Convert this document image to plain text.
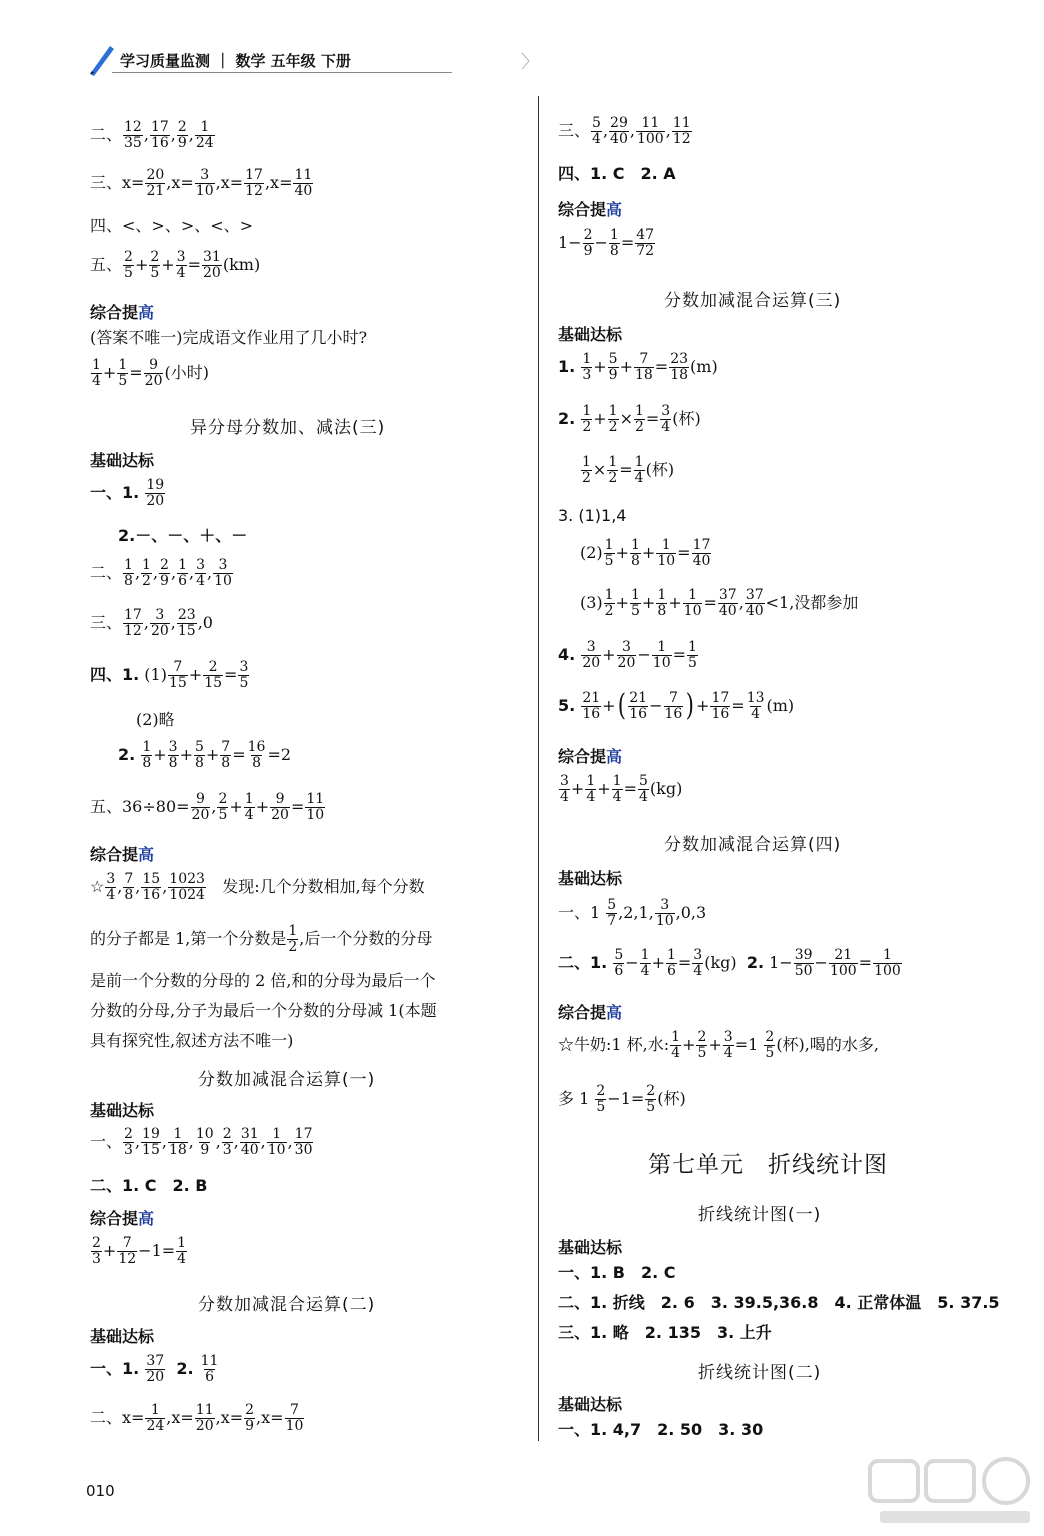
学习质量监测 ｜ 数学 五年级 下册	〉
二、 12
35 , 17
16 , 2
9 , 1
24
三、x= 20
21 ,x= 3
10 ,x= 17
12 ,x= 11
40
四、<、>、>、<、>
五、 2
5 + 2
5 + 3
4 = 31
20 (km)
综合提高
(答案不唯一)完成语文作业用了几小时?
1
4 + 1
5 = 9
20 (小时)
异分母分数加、减法(三)
基础达标
一、1.
19
20
2.－、－、＋、－
二、 1
8 , 1
2 , 2
9 , 1
6 , 3
4 , 3
10
三、 17
12 , 3
20 , 23
15 ,0
四、1. (1) 7
15 + 2
15 = 3
5
(2)略
2.
1
8 + 3
8 + 5
8 + 7
$8 = \frac{16}{8} =2$
五、$36\div 80= \frac{9}{20}$ , 2
5 + 1
4 + 9
20 = 11
10
综合提高
☆ 3
4 , 7
8 , 15
16 , 1023
1024
发现:几个分数相加,每个分数
的分子都是 1,第一个分数是 1
2 ,后一个分数的分母
是前一个分数的分母的 2 倍,和的分母为最后一个
分数的分母,分子为最后一个分数的分母减 1(本题
具有探究性,叙述方法不唯一)
分数加减混合运算(一)
基础达标
一、 2
3 , 19
15 , 1
18 , 10
9 , 2
3 , 31
40 , 1
10 , 17
30
二、1. C　2. B
综合提高
2
3 + 7
12 −1= 1
4
分数加减混合运算(二)
基础达标
一、1.
37
20
2.
11
6
二、x= 1
24 ,x= 11
20 ,x= 2
9 ,x= 7
10
010
三、 5
4 , 29
40 , 11
100 , 11
12
四、1. C　2. A
综合提高
1− 2
9 − 1
8 = 47
72
分数加减混合运算(三)
基础达标
1.
1
3 + 5
9 + 7
18 = 23
18 (m)
2.
1
2 + 1
2 × 1
2 = 3
4 (杯)
1
2 × 1
2 = 1
4 (杯)
3. (1)1,4
(2) 1
5 + 1
8 + 1
10 = 17
40
(3) 1
2 + 1
5 + 1
8 + 1
10 = 37
40 , 37
40 <1,没都参加
4.
3
20 + 3
20 − 1
10 = 1
5
5.
21
16 + ( 21
16 − 7
16 ) + 17
16 = 13
4 (m)
综合提高
3
4 + 1
4 + 1
4 = 5
4 (kg)
分数加减混合运算(四)
基础达标
一、1 5
7 ,2,1, 3
10 ,0,3
二、1.
5
6 − 1
4 + 1
6 = 3
4 (kg)
2. 1− 39
50 − 21
100 = 1
100
综合提高
☆牛奶:1 杯,水: 1
4 + 2
5 + 3
4 =1 2
5 (杯),喝的水多,
多 1
2
5 −1= 2
5 (杯)
第七单元　折线统计图
折线统计图(一)
基础达标
一、1. B　2. C
二、1. 折线　2. 6　3. 39.5,36.8　4. 正常体温　5. 37.5
三、1. 略　2. 135　3. 上升
折线统计图(二)
基础达标
一、1. 4,7　2. 50　3. 30
